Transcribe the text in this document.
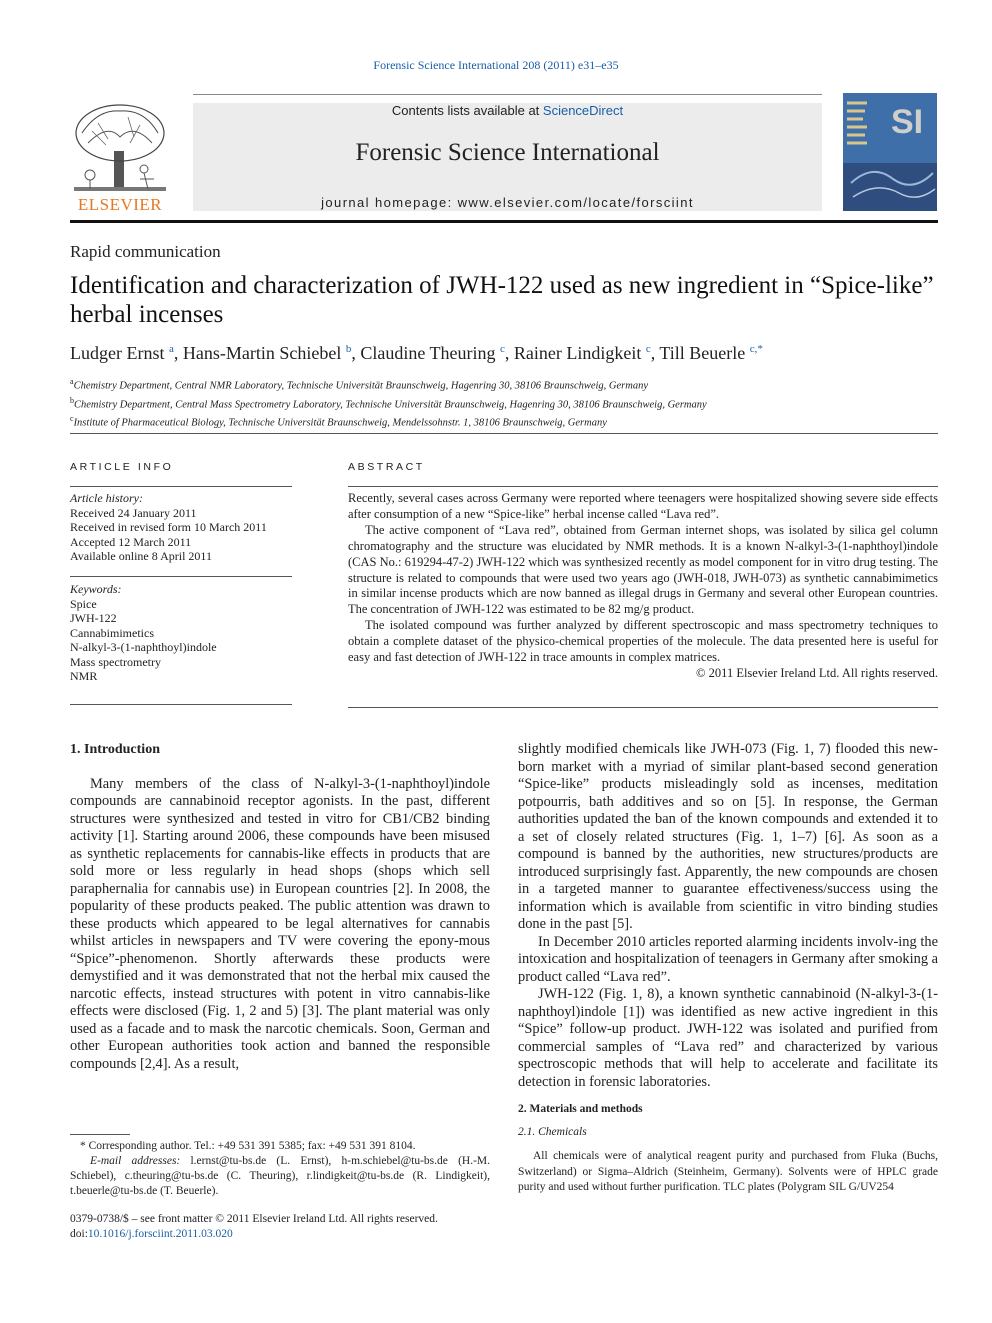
Forensic Science International 208 (2011) e31–e35
ELSEVIER
Contents lists available at ScienceDirect
Forensic Science International
journal homepage: www.elsevier.com/locate/forsciint
SI
Rapid communication
Identification and characterization of JWH-122 used as new ingredient in “Spice-like” herbal incenses
Ludger Ernst $^a$, Hans-Martin Schiebel $^b$, Claudine Theuring $^c$, Rainer Lindigkeit $^c$, Till Beuerle $^{c,*}$
$^a$Chemistry Department, Central NMR Laboratory, Technische Universität Braunschweig, Hagenring 30, 38106 Braunschweig, Germany
$^b$Chemistry Department, Central Mass Spectrometry Laboratory, Technische Universität Braunschweig, Hagenring 30, 38106 Braunschweig, Germany
$^c$Institute of Pharmaceutical Biology, Technische Universität Braunschweig, Mendelssohnstr. 1, 38106 Braunschweig, Germany
ARTICLE INFO
Article history:
Received 24 January 2011
Received in revised form 10 March 2011
Accepted 12 March 2011
Available online 8 April 2011
Keywords:
Spice
JWH-122
Cannabimimetics
N-alkyl-3-(1-naphthoyl)indole
Mass spectrometry
NMR
ABSTRACT

Recently, several cases across Germany were reported where teenagers were hospitalized showing severe side effects after consumption of a new “Spice-like” herbal incense called “Lava red”.

The active component of “Lava red”, obtained from German internet shops, was isolated by silica gel column chromatography and the structure was elucidated by NMR methods. It is a known N-alkyl-3-(1-naphthoyl)indole (CAS No.: 619294-47-2) JWH-122 which was synthesized recently as model component for in vitro drug testing. The structure is related to compounds that were used two years ago (JWH-018, JWH-073) as synthetic cannabimimetics in similar incense products which are now banned as illegal drugs in Germany and several other European countries. The concentration of JWH-122 was estimated to be 82 mg/g product.

The isolated compound was further analyzed by different spectroscopic and mass spectrometry techniques to obtain a complete dataset of the physico-chemical properties of the molecule. The data presented here is useful for easy and fast detection of JWH-122 in trace amounts in complex matrices.

© 2011 Elsevier Ireland Ltd. All rights reserved.
1. Introduction

Many members of the class of N-alkyl-3-(1-naphthoyl)indole compounds are cannabinoid receptor agonists. In the past, different structures were synthesized and tested in vitro for CB1/CB2 binding activity [1]. Starting around 2006, these compounds have been misused as synthetic replacements for cannabis-like effects in products that are sold more or less regularly in head shops (shops which sell paraphernalia for cannabis use) in European countries [2]. In 2008, the popularity of these products peaked. The public attention was drawn to these products which appeared to be legal alternatives for cannabis whilst articles in newspapers and TV were covering the epony-mous “Spice”-phenomenon. Shortly afterwards these products were demystified and it was demonstrated that not the herbal mix caused the narcotic effects, instead structures with potent in vitro cannabis-like effects were disclosed (Fig. 1, 2 and 5) [3]. The plant material was only used as a facade and to mask the narcotic chemicals. Soon, German and other European authorities took action and banned the responsible compounds [2,4]. As a result,

* Corresponding author. Tel.: +49 531 391 5385; fax: +49 531 391 8104.
E-mail addresses: l.ernst@tu-bs.de (L. Ernst), h-m.schiebel@tu-bs.de (H.-M. Schiebel), c.theuring@tu-bs.de (C. Theuring), r.lindigkeit@tu-bs.de (R. Lindigkeit), t.beuerle@tu-bs.de (T. Beuerle).
0379-0738/$ – see front matter © 2011 Elsevier Ireland Ltd. All rights reserved.
doi:10.1016/j.forsciint.2011.03.020

slightly modified chemicals like JWH-073 (Fig. 1, 7) flooded this new-born market with a myriad of similar plant-based second generation “Spice-like” products misleadingly sold as incenses, meditation potpourris, bath additives and so on [5]. In response, the German authorities updated the ban of the known compounds and extended it to a set of closely related structures (Fig. 1, 1–7) [6]. As soon as a compound is banned by the authorities, new structures/products are introduced surprisingly fast. Apparently, the new compounds are chosen in a targeted manner to guarantee effectiveness/success using the information which is available from scientific in vitro binding studies done in the past [5].

In December 2010 articles reported alarming incidents involv-ing the intoxication and hospitalization of teenagers in Germany after smoking a product called “Lava red”.

JWH-122 (Fig. 1, 8), a known synthetic cannabinoid (N-alkyl-3-(1-naphthoyl)indole [1]) was identified as new active ingredient in this “Spice” follow-up product. JWH-122 was isolated and purified from commercial samples of “Lava red” and characterized by various spectroscopic methods that will help to accelerate and facilitate its detection in forensic laboratories.

2. Materials and methods
2.1. Chemicals
All chemicals were of analytical reagent purity and purchased from Fluka (Buchs, Switzerland) or Sigma–Aldrich (Steinheim, Germany). Solvents were of HPLC grade purity and used without further purification. TLC plates (Polygram SIL G/UV254
